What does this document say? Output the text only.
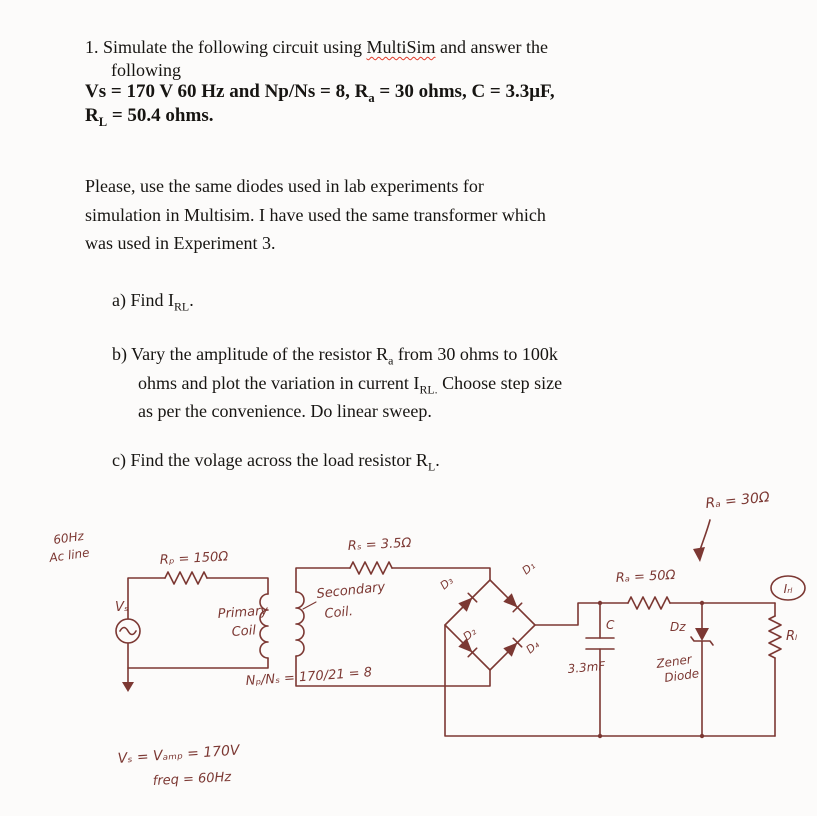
1. Simulate the following circuit using MultiSim and answer the
following
Vs = 170 V 60 Hz and Np/Ns = 8, $R_a = 30$ ohms, C = 3.3μF,
$R_L = 50.4$ ohms.
Please, use the same diodes used in lab experiments for
simulation in Multisim. I have used the same transformer which
was used in Experiment 3.
a) Find $I_{RL}$.
b) Vary the amplitude of the resistor $R_a$ from 30 ohms to 100k
ohms and plot the variation in current $I_{RL.}$ Choose step size
as per the convenience. Do linear sweep.
c) Find the volage across the load resistor $R_L$.
Vₛ
Rₚ = 150Ω
60Hz
Ac line
Primary
Coil
Secondary
Coil.
Rₛ = 3.5Ω
D₃
D₁
D₂
D₄
Rₐ = 50Ω
Rₐ = 30Ω
C
3.3mF
Dz
Zener
Diode
Rₗ
Iᵣₗ
Nₚ/Nₛ = 170/21 = 8
Vₛ = Vₐₘₚ = 170V
freq = 60Hz
